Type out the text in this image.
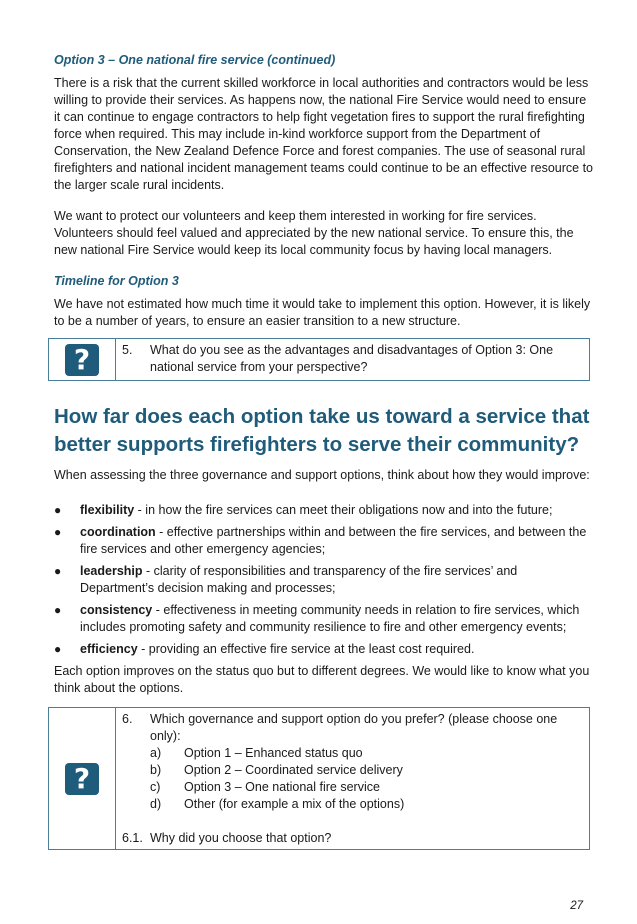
Option 3 – One national fire service (continued)

There is a risk that the current skilled workforce in local authorities and contractors would be less willing to provide their services. As happens now, the national Fire Service would need to ensure it can continue to engage contractors to help fight vegetation fires to support the rural firefighting force when required. This may include in-kind workforce support from the Department of Conservation, the New Zealand Defence Force and forest companies. The use of seasonal rural firefighters and national incident management teams could continue to be an effective resource to the larger scale rural incidents.

We want to protect our volunteers and keep them interested in working for fire services. Volunteers should feel valued and appreciated by the new national service. To ensure this, the new national Fire Service would keep its local community focus by having local managers.

Timeline for Option 3

We have not estimated how much time it would take to implement this option. However, it is likely to be a number of years, to ensure an easier transition to a new structure.

?	5.	What do you see as the advantages and disadvantages of Option 3: One national service from your perspective?
How far does each option take us toward a service that better supports firefighters to serve their community?

When assessing the three governance and support options, think about how they would improve:

●	flexibility - in how the fire services can meet their obligations now and into the future;
●	coordination - effective partnerships within and between the fire services, and between the fire services and other emergency agencies;
●	leadership - clarity of responsibilities and transparency of the fire services’ and Department’s decision making and processes;
●	consistency - effectiveness in meeting community needs in relation to fire services, which includes promoting safety and community resilience to fire and other emergency events;
●	efficiency - providing an effective fire service at the least cost required.

Each option improves on the status quo but to different degrees. We would like to know what you think about the options.

?
6.	Which governance and support option do you prefer? (please choose one only):
a)	Option 1 – Enhanced status quo
b)	Option 2 – Coordinated service delivery
c)	Option 3 – One national fire service
d)	Other (for example a mix of the options)
6.1. Why did you choose that option?
27
